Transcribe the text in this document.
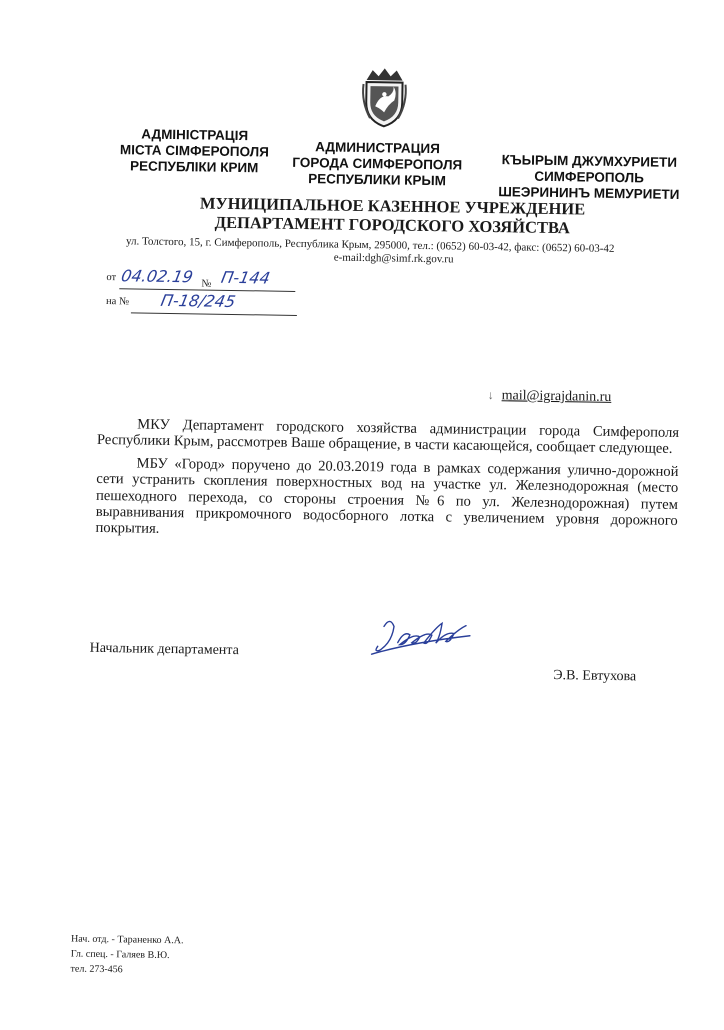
АДМІНІСТРАЦІЯ
МІСТА СІМФЕРОПОЛЯ
РЕСПУБЛІКИ КРИМ
АДМИНИСТРАЦИЯ
ГОРОДА СИМФЕРОПОЛЯ
РЕСПУБЛИКИ КРЫМ
КЪЫРЫМ ДЖУМХУРИЕТИ
СИМФЕРОПОЛЬ
ШЕЭРИНИНЪ МЕМУРИЕТИ
МУНИЦИПАЛЬНОЕ КАЗЕННОЕ УЧРЕЖДЕНИЕ
ДЕПАРТАМЕНТ ГОРОДСКОГО ХОЗЯЙСТВА
ул. Толстого, 15, г. Симферополь, Республика Крым, 295000, тел.: (0652) 60-03-42, факс: (0652) 60-03-42
e-mail:dgh@simf.rk.gov.ru
от 04.02.19 № П-144
на № П-18/245
↓ mail@igrajdanin.ru

МКУ Департамент городского хозяйства администрации города Симферополя Республики Крым, рассмотрев Ваше обращение, в части касающейся, сообщает следующее.

МБУ «Город» поручено до 20.03.2019 года в рамках содержания улично-дорожной сети устранить скопления поверхностных вод на участке ул. Железнодорожная (место пешеходного перехода, со стороны строения №6 по ул. Железнодорожная) путем выравнивания прикромочного водосборного лотка с увеличением уровня дорожного покрытия.

Начальник департамента
Э.В. Евтухова
Нач. отд. - Тараненко А.А.
Гл. спец. - Галяев В.Ю.
тел. 273-456
